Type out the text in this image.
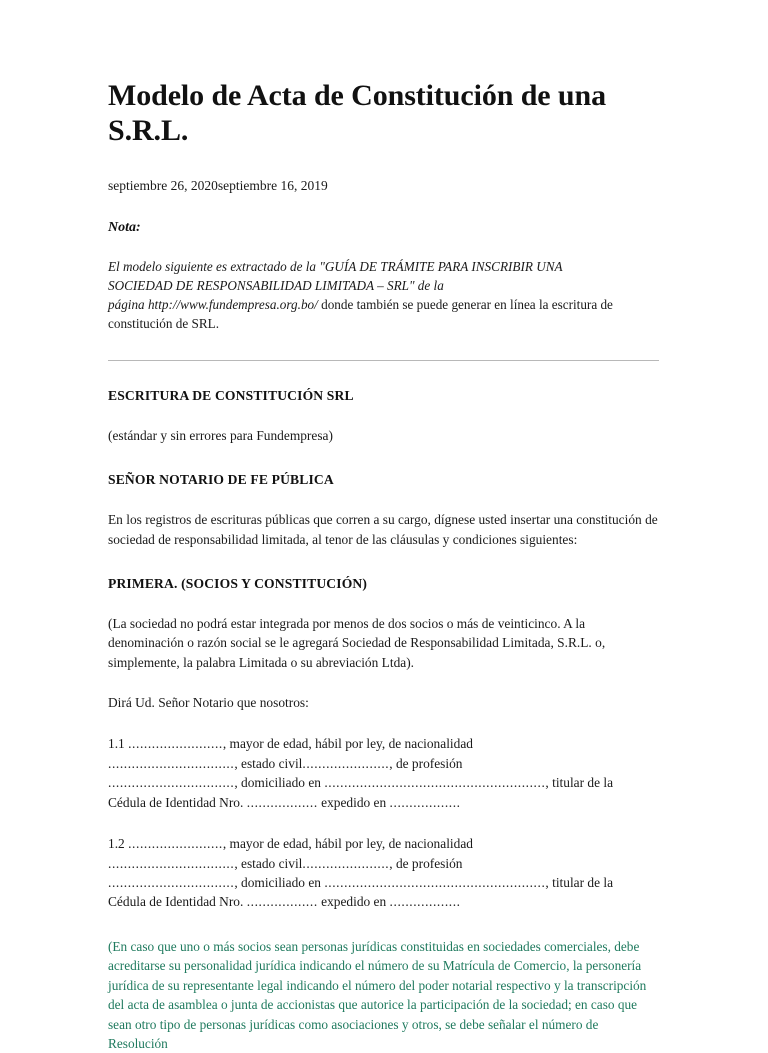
Modelo de Acta de Constitución de una S.R.L.

septiembre 26, 2020septiembre 16, 2019

Nota:

El modelo siguiente es extractado de la "GUÍA DE TRÁMITE PARA INSCRIBIR UNA
SOCIEDAD DE RESPONSABILIDAD LIMITADA – SRL" de la
página http://www.fundempresa.org.bo/ donde también se puede generar en línea la escritura de constitución de SRL.

ESCRITURA DE CONSTITUCIÓN SRL

(estándar y sin errores para Fundempresa)

SEÑOR NOTARIO DE FE PÚBLICA

En los registros de escrituras públicas que corren a su cargo, dígnese usted insertar una constitución de sociedad de responsabilidad limitada, al tenor de las cláusulas y condiciones siguientes:

PRIMERA. (SOCIOS Y CONSTITUCIÓN)

(La sociedad no podrá estar integrada por menos de dos socios o más de veinticinco. A la denominación o razón social se le agregará Sociedad de Responsabilidad Limitada, S.R.L. o, simplemente, la palabra Limitada o su abreviación Ltda).

Dirá Ud. Señor Notario que nosotros:

1.1 ........................, mayor de edad, hábil por ley, de nacionalidad
................................, estado civil......................, de profesión
................................, domiciliado en ........................................................, titular de la
Cédula de Identidad Nro. .................. expedido en ..................

1.2 ........................, mayor de edad, hábil por ley, de nacionalidad
................................, estado civil......................, de profesión
................................, domiciliado en ........................................................, titular de la
Cédula de Identidad Nro. .................. expedido en ..................

(En caso que uno o más socios sean personas jurídicas constituidas en sociedades comerciales, debe acreditarse su personalidad jurídica indicando el número de su Matrícula de Comercio, la personería jurídica de su representante legal indicando el número del poder notarial respectivo y la transcripción del acta de asamblea o junta de accionistas que autorice la participación de la sociedad; en caso que sean otro tipo de personas jurídicas como asociaciones y otros, se debe señalar el número de Resolución
